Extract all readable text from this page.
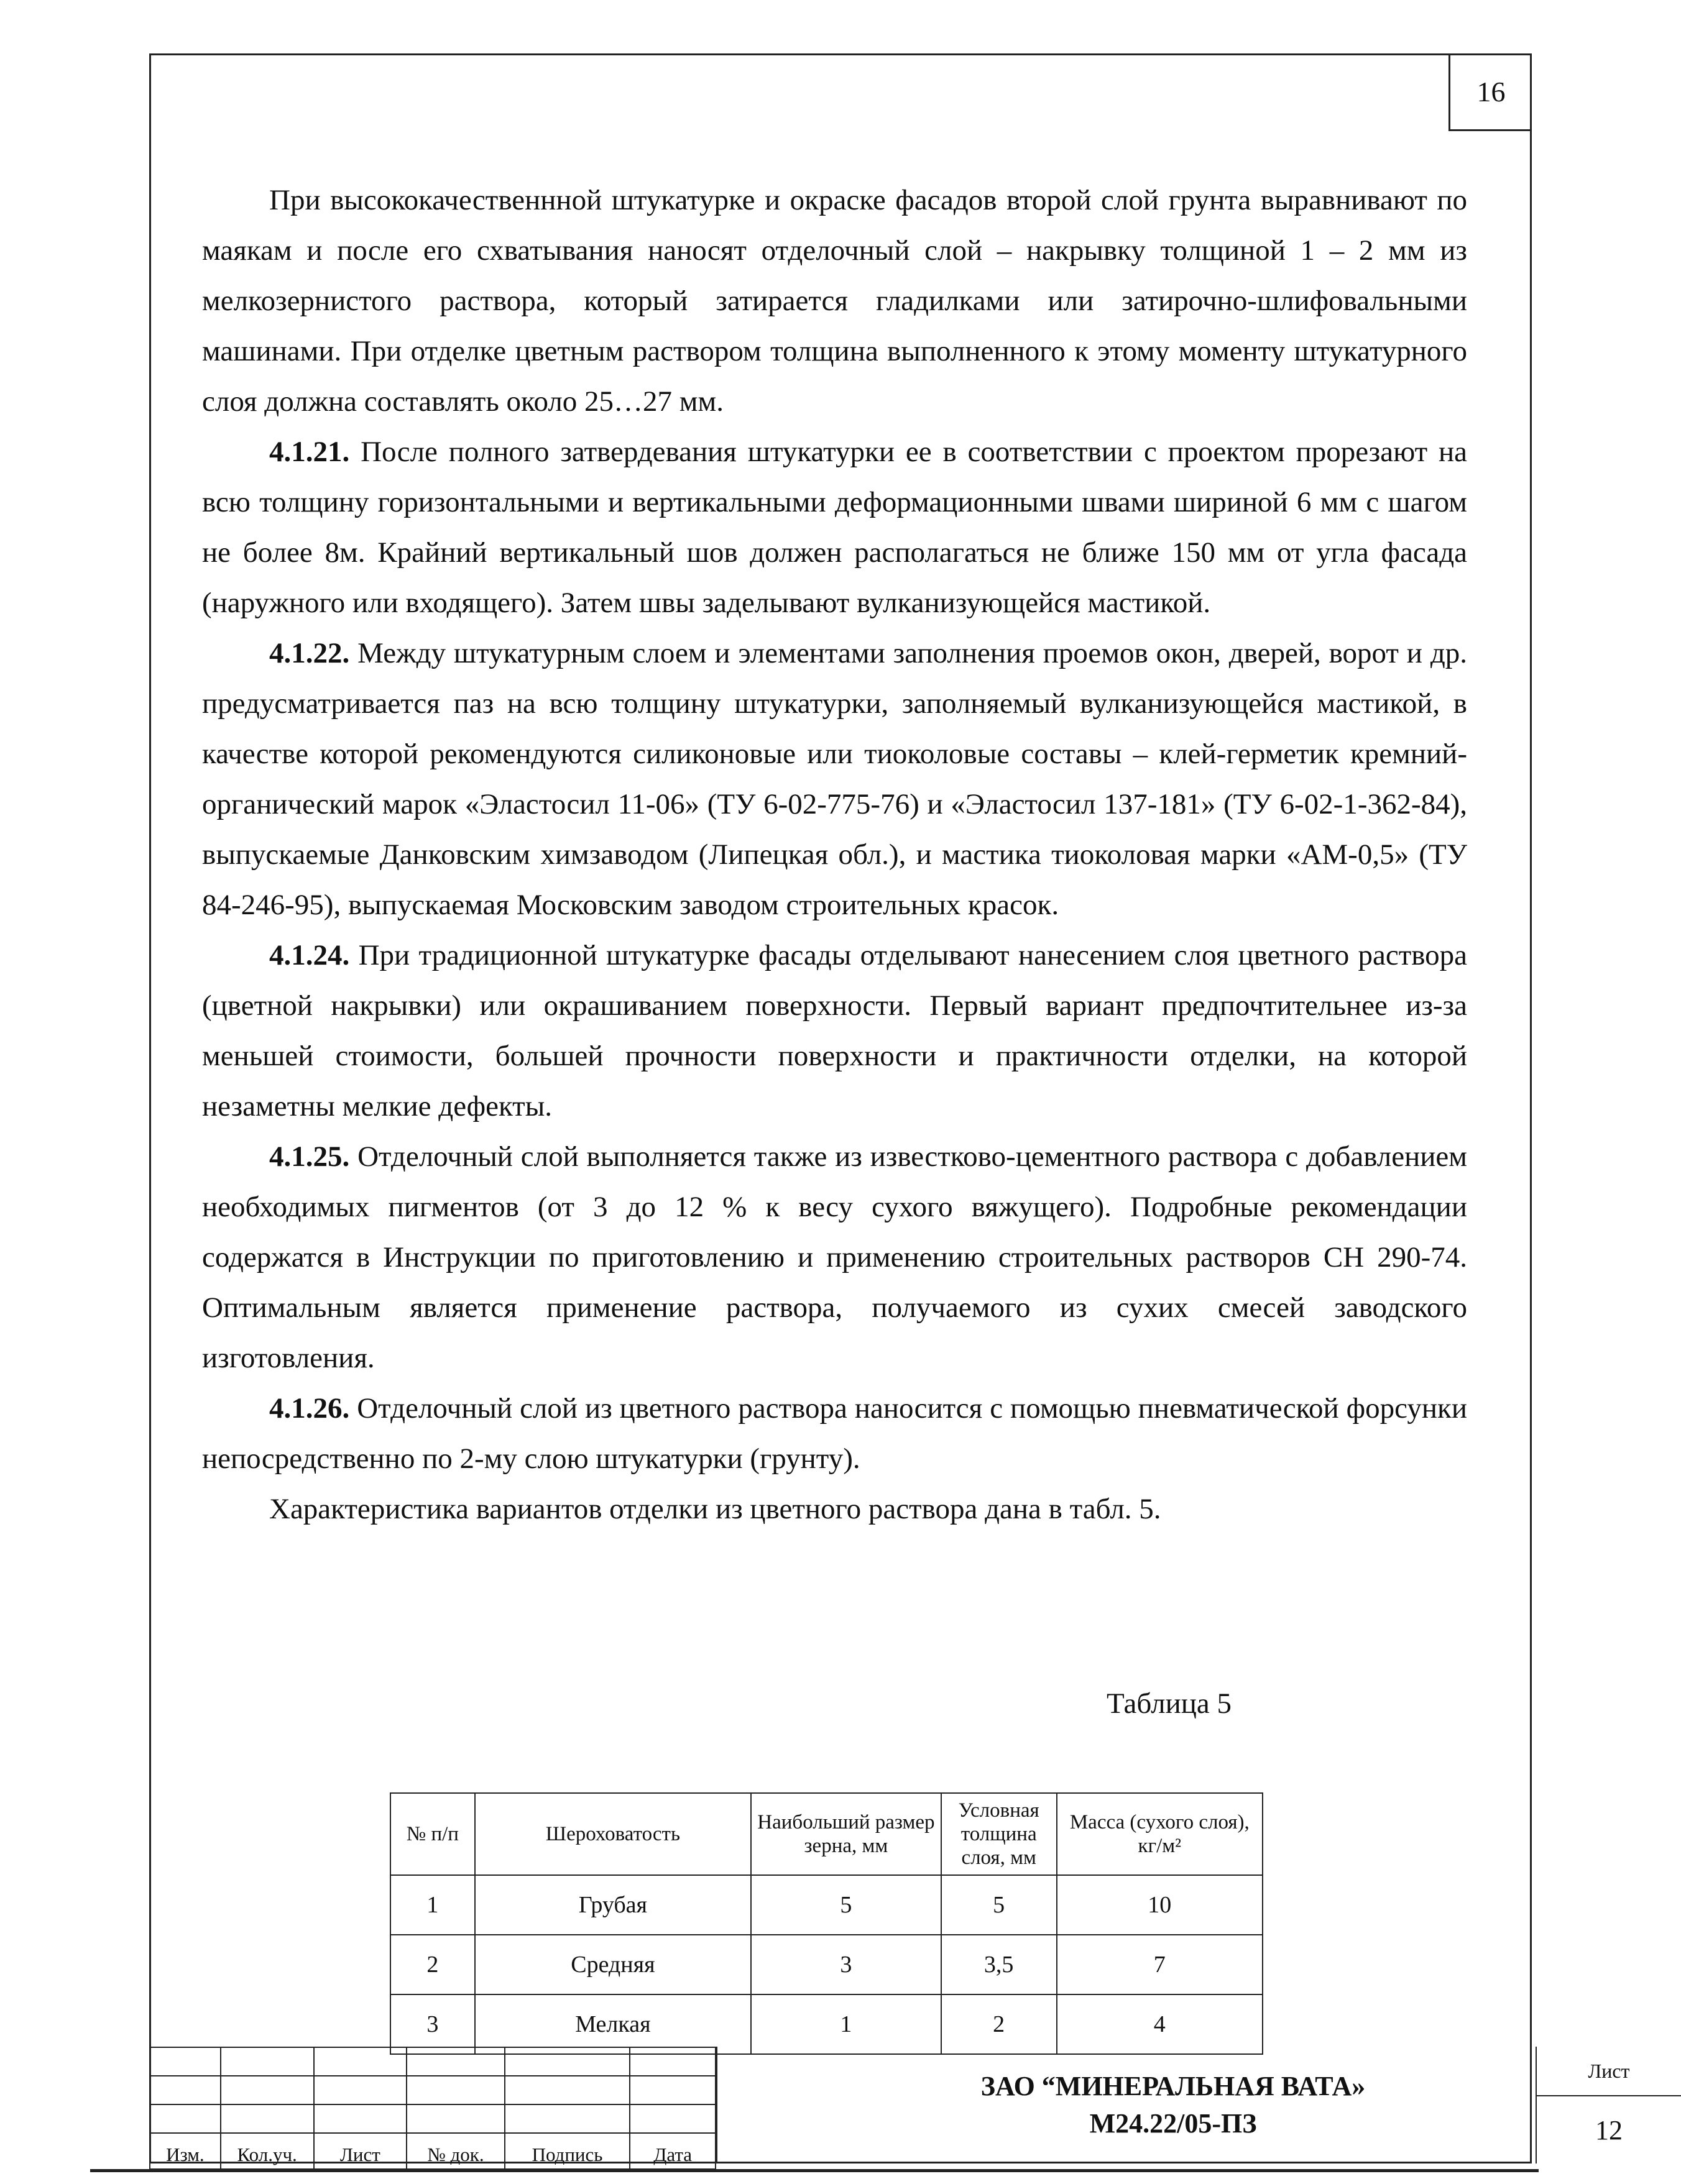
16

При высококачественнной штукатурке и окраске фасадов второй слой грунта выравнивают по маякам и после его схватывания наносят отделочный слой – накрывку толщиной 1 – 2 мм из мелкозернистого раствора, который затирается гладилками или затирочно-шлифовальными машинами. При отделке цветным раствором толщина выполненного к этому моменту штукатурного слоя должна составлять около 25…27 мм.

4.1.21. После полного затвердевания штукатурки ее в соответствии с проектом прорезают на всю толщину горизонтальными и вертикальными деформационными швами шириной 6 мм с шагом не более 8м. Крайний вертикальный шов должен располагаться не ближе 150 мм от угла фасада (наружного или входящего). Затем швы заделывают вулканизующейся мастикой.

4.1.22. Между штукатурным слоем и элементами заполнения проемов окон, дверей, ворот и др. предусматривается паз на всю толщину штукатурки, заполняемый вулканизующейся мастикой, в качестве которой рекомендуются силиконовые или тиоколовые составы – клей-герметик кремний-органический марок «Эластосил 11-06» (ТУ 6-02-775-76) и «Эластосил 137-181» (ТУ 6-02-1-362-84), выпускаемые Данковским химзаводом (Липецкая обл.), и мастика тиоколовая марки «АМ-0,5» (ТУ 84-246-95), выпускаемая Московским заводом строительных красок.

4.1.24. При традиционной штукатурке фасады отделывают нанесением слоя цветного раствора (цветной накрывки) или окрашиванием поверхности. Первый вариант предпочтительнее из-за меньшей стоимости, большей прочности поверхности и практичности отделки, на которой незаметны мелкие дефекты.

4.1.25. Отделочный слой выполняется также из известково-цементного раствора с добавлением необходимых пигментов (от 3 до 12 % к весу сухого вяжущего). Подробные рекомендации содержатся в Инструкции по приготовлению и применению строительных растворов СН 290-74. Оптимальным является применение раствора, получаемого из сухих смесей заводского изготовления.

4.1.26. Отделочный слой из цветного раствора наносится с помощью пневматической форсунки непосредственно по 2-му слою штукатурки (грунту).

Характеристика вариантов отделки из цветного раствора дана в табл. 5.

Таблица 5
№ п/п	Шероховатость	Наибольший размер зерна, мм	Условная толщина слоя, мм	Масса (сухого слоя), кг/м²
1	Грубая	5	5	10
2	Средняя	3	3,5	7
3	Мелкая	1	2	4

Изм.	Кол.уч.	Лист	№ док.	Подпись	Дата
ЗАО “МИНЕРАЛЬНАЯ ВАТА»
М24.22/05-ПЗ
Лист
12
